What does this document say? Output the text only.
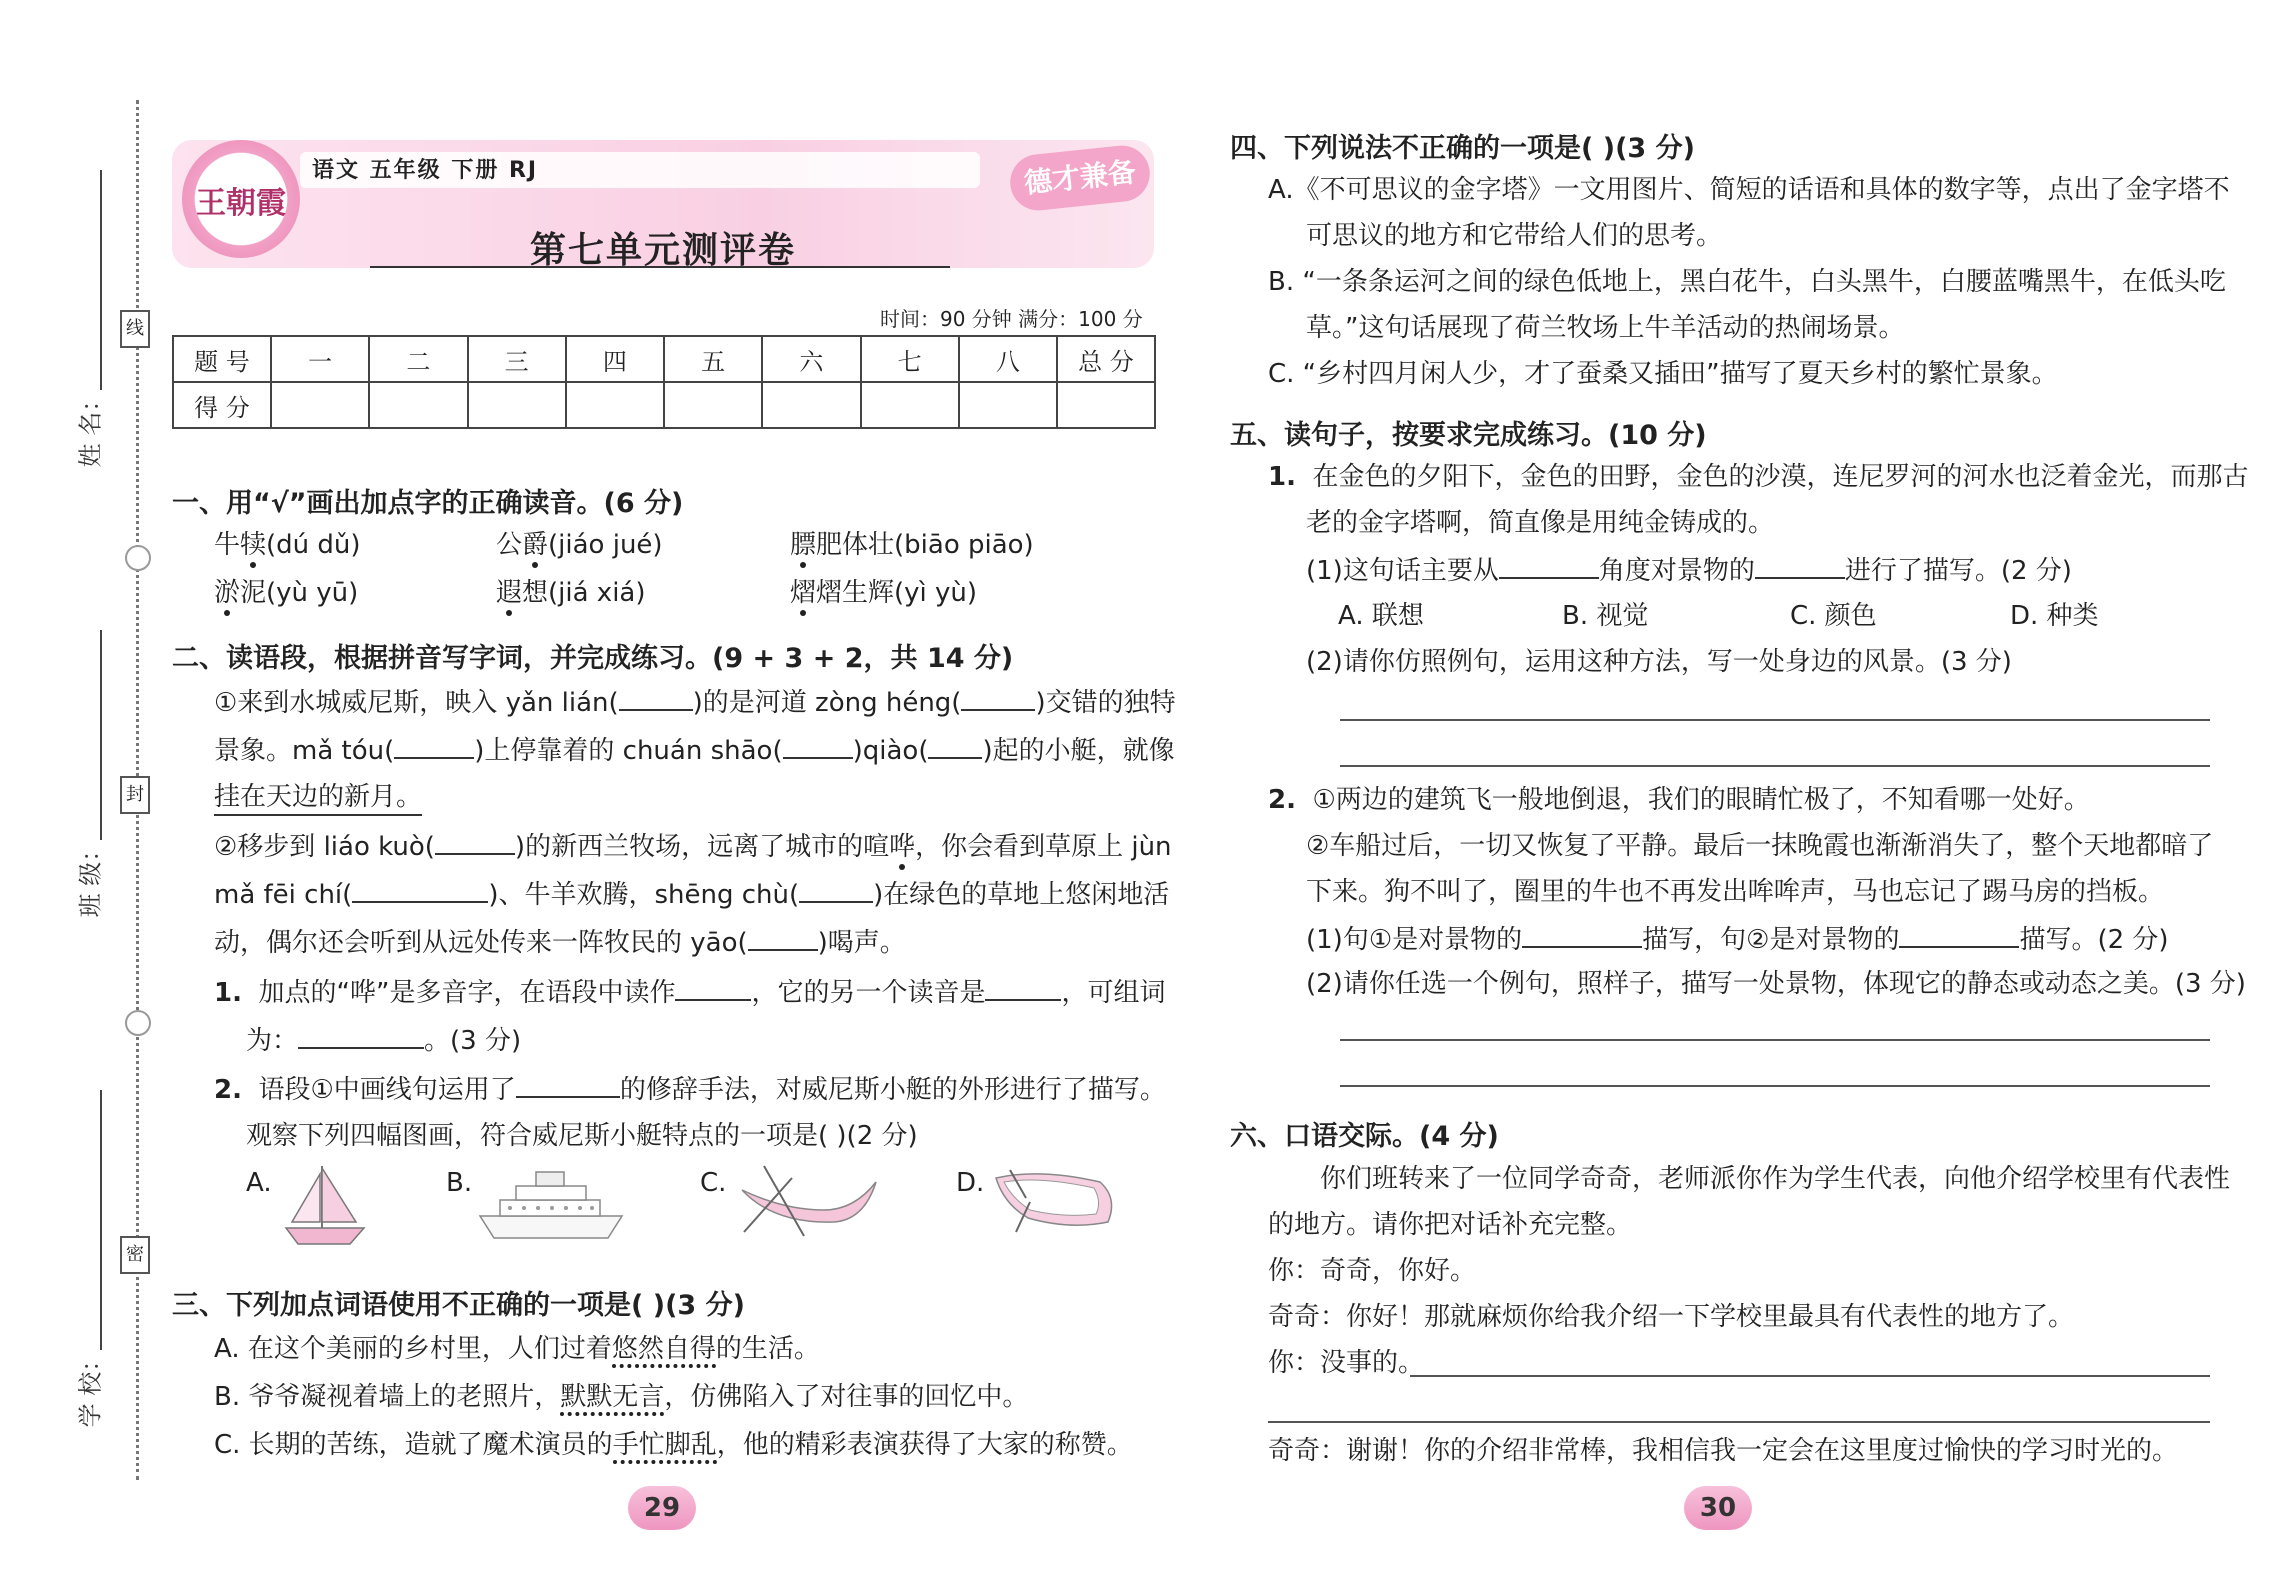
线
封
密
姓 名：
班 级：
学 校：
王朝霞
语文 五年级 下册 RJ
第七单元测评卷
德才兼备
时间：90 分钟 满分：100 分
题 号	一	二	三	四	五	六	七	八	总 分
得 分									
一、用“√”画出加点字的正确读音。(6 分)
牛犊(dú dǔ)	公爵(jiáo jué)	膘肥体壮(biāo piāo)
淤泥(yù yū)	遐想(jiá xiá)	熠熠生辉(yì yù)
二、读语段，根据拼音写字词，并完成练习。(9 + 3 + 2，共 14 分)
①来到水城威尼斯，映入 yǎn lián(	)的是河道 zòng héng(	)交错的独特
景象。mǎ tóu(	)上停靠着的 chuán shāo(	)qiào( )起的小艇，就像
挂在天边的新月。
②移步到 liáo kuò(	)的新西兰牧场，远离了城市的喧哗，你会看到草原上 jùn
mǎ fēi chí(	)、牛羊欢腾，shēng chù(	)在绿色的草地上悠闲地活
动，偶尔还会听到从远处传来一阵牧民的 yāo(	)喝声。
1. 加点的“哗”是多音字，在语段中读作	，它的另一个读音是	，可组词
为：	。(3 分)
2. 语段①中画线句运用了	的修辞手法，对威尼斯小艇的外形进行了描写。
观察下列四幅图画，符合威尼斯小艇特点的一项是( )(2 分)
A.	B.	C.	D.
三、下列加点词语使用不正确的一项是( )(3 分)
A. 在这个美丽的乡村里，人们过着悠然自得的生活。
B. 爷爷凝视着墙上的老照片，默默无言，仿佛陷入了对往事的回忆中。
C. 长期的苦练，造就了魔术演员的手忙脚乱，他的精彩表演获得了大家的称赞。
29
四、下列说法不正确的一项是( )(3 分)
A.《不可思议的金字塔》一文用图片、简短的话语和具体的数字等，点出了金字塔不
可思议的地方和它带给人们的思考。
B. “一条条运河之间的绿色低地上，黑白花牛，白头黑牛，白腰蓝嘴黑牛，在低头吃
草。”这句话展现了荷兰牧场上牛羊活动的热闹场景。
C. “乡村四月闲人少，才了蚕桑又插田”描写了夏天乡村的繁忙景象。
五、读句子，按要求完成练习。(10 分)
1. 在金色的夕阳下，金色的田野，金色的沙漠，连尼罗河的河水也泛着金光，而那古
老的金字塔啊，简直像是用纯金铸成的。
(1)这句话主要从	角度对景物的	进行了描写。(2 分)
A. 联想	B. 视觉	C. 颜色	D. 种类
(2)请你仿照例句，运用这种方法，写一处身边的风景。(3 分)
2. ①两边的建筑飞一般地倒退，我们的眼睛忙极了，不知看哪一处好。
②车船过后，一切又恢复了平静。最后一抹晚霞也渐渐消失了，整个天地都暗了
下来。狗不叫了，圈里的牛也不再发出哞哞声，马也忘记了踢马房的挡板。
(1)句①是对景物的	描写，句②是对景物的	描写。(2 分)
(2)请你任选一个例句，照样子，描写一处景物，体现它的静态或动态之美。(3 分)
六、口语交际。(4 分)
你们班转来了一位同学奇奇，老师派你作为学生代表，向他介绍学校里有代表性
的地方。请你把对话补充完整。
你：奇奇，你好。
奇奇：你好！那就麻烦你给我介绍一下学校里最具有代表性的地方了。
你：没事的。
奇奇：谢谢！你的介绍非常棒，我相信我一定会在这里度过愉快的学习时光的。
30
